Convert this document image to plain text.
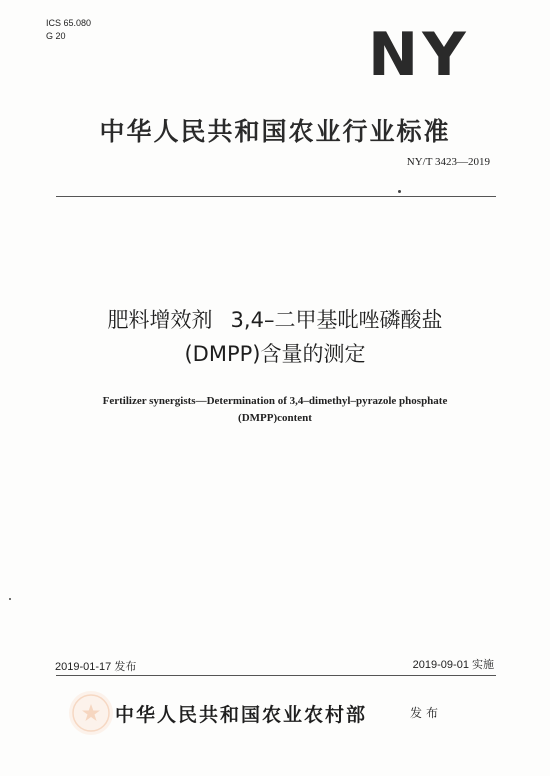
ICS 65.080
G 20	NY
中华人民共和国农业行业标准
NY/T 3423—2019
肥料增效剂 3,4–二甲基吡唑磷酸盐
(DMPP)含量的测定
Fertilizer synergists—Determination of 3,4–dimethyl–pyrazole phosphate
(DMPP)content
2019-01-17 发布	2019-09-01 实施
中华人民共和国农业农村部	发布
